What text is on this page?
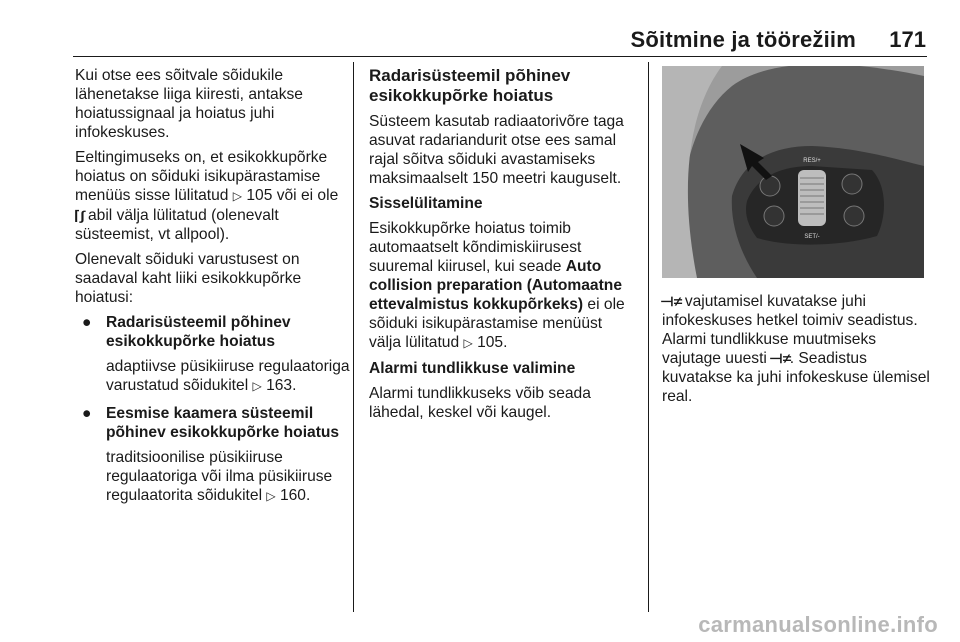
Sõitmine ja töörežiim 171

Kui otse ees sõitvale sõidukile lähenetakse liiga kiiresti, antakse hoiatussignaal ja hoiatus juhi infokeskuses.

Eeltingimuseks on, et esikokkupõrke hoiatus on sõiduki isikupärastamise menüüs sisse lülitatud ▷ 105 või ei ole ⌈∫ abil välja lülitatud (olenevalt süsteemist, vt allpool).

Olenevalt sõiduki varustusest on saadaval kaht liiki esikokkupõrke hoiatusi:

● Radarisüsteemil põhinev esikokkupõrke hoiatus
adaptiivse püsikiiruse regulaatoriga varustatud sõidukitel ▷ 163.
● Eesmise kaamera süsteemil põhinev esikokkupõrke hoiatus
traditsioonilise püsikiiruse regulaatoriga või ilma püsikiiruse regulaatorita sõidukitel ▷ 160.

Radarisüsteemil põhinev esikokkupõrke hoiatus

Süsteem kasutab radiaatorivõre taga asuvat radariandurit otse ees samal rajal sõitva sõiduki avastamiseks maksimaalselt 150 meetri kauguselt.

Sisselülitamine

Esikokkupõrke hoiatus toimib automaatselt kõndimiskiirusest suuremal kiirusel, kui seade Auto collision preparation (Automaatne ettevalmistus kokkupõrkeks) ei ole sõiduki isikupärastamise menüüst välja lülitatud ▷ 105.

Alarmi tundlikkuse valimine

Alarmi tundlikkuseks võib seada lähedal, keskel või kaugel.

RES/+
SET/-

⊣≠ vajutamisel kuvatakse juhi infokeskuses hetkel toimiv seadistus. Alarmi tundlikkuse muutmiseks vajutage uuesti ⊣≠. Seadistus kuvatakse ka juhi infokeskuse ülemisel real.

carmanualsonline.info
